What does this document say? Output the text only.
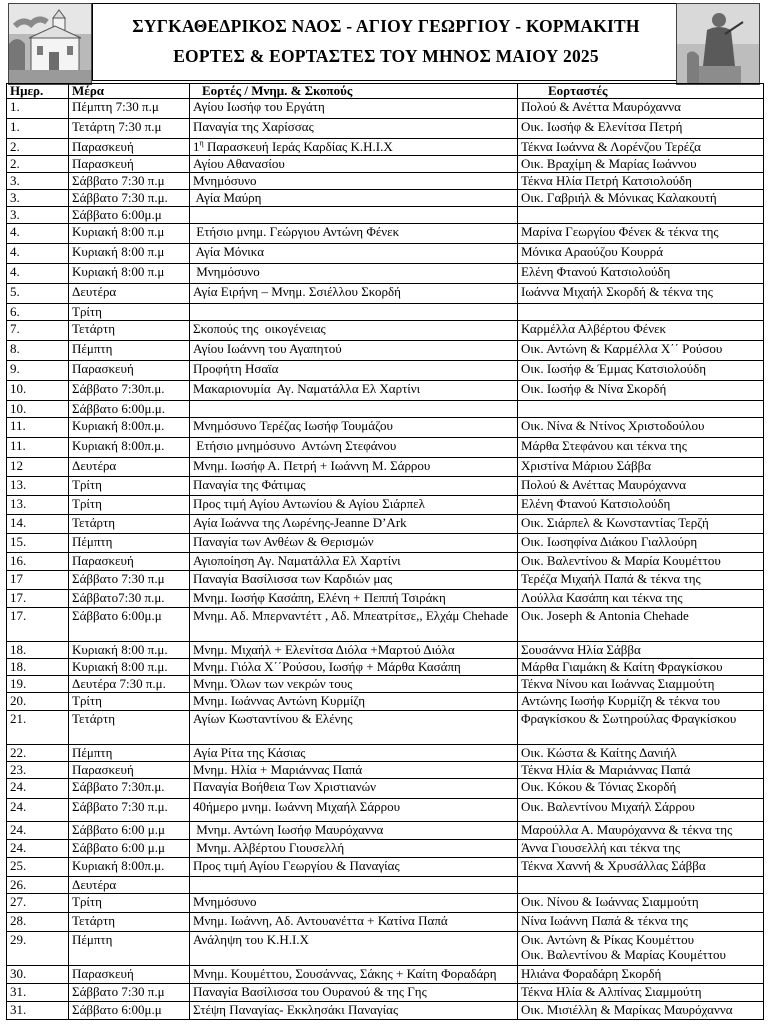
ΣΥΓΚΑΘΕΔΡΙΚΟΣ ΝΑΟΣ - ΑΓΙΟΥ ΓΕΩΡΓΙΟΥ - ΚΟΡΜΑΚΙΤΗ
ΕΟΡΤΕΣ & ΕΟΡΤΑΣΤΕΣ ΤΟΥ ΜΗΝΟΣ ΜΑΙΟΥ 2025
Ημερ.	Μέρα	Εορτές / Μνημ. & Σκοπούς	Εορταστές
1.	Πέμπτη 7:30 π.μ	Αγίου Ιωσήφ του Εργάτη	Πολού & Ανέττα Μαυρόχαννα
1.	Τετάρτη 7:30 π.μ	Παναγία της Χαρίσσας	Οικ. Ιωσήφ & Ελενίτσα Πετρή
2.	Παρασκευή	$1^\eta$ Παρασκευή Ιεράς Καρδίας Κ.Η.Ι.Χ	Τέκνα Ιωάννα & Λορένζου Τερέζα
2.	Παρασκευή	Αγίου Αθανασίου	Οικ. Βραχίμη & Μαρίας Ιωάννου
3.	Σάββατο 7:30 π.μ	Μνημόσυνο	Τέκνα Ηλία Πετρή Κατσιολούδη
3.	Σάββατο 7:30 π.μ.	Αγία Μαύρη	Οικ. Γαβριήλ & Μόνικας Καλακουτή
3.	Σάββατο 6:00μ.μ		
4.	Κυριακή 8:00 π.μ	Ετήσιο μνημ. Γεώργιου Αντώνη Φένεκ	Μαρίνα Γεωργίου Φένεκ & τέκνα της
4.	Κυριακή 8:00 π.μ	Αγία Μόνικα	Μόνικα Αραούζου Κουρρά
4.	Κυριακή 8:00 π.μ	Μνημόσυνο	Ελένη Φτανού Κατσιολούδη
5.	Δευτέρα	Αγία Ειρήνη – Μνημ. Σσιέλλου Σκορδή	Ιωάννα Μιχαήλ Σκορδή & τέκνα της
6.	Τρίτη		
7.	Τετάρτη	Σκοπούς της  οικογένειας	Καρμέλλα Αλβέρτου Φένεκ
8.	Πέμπτη	Αγίου Ιωάννη του Αγαπητού	Οικ. Αντώνη & Καρμέλλα Χ΄΄ Ρούσου
9.	Παρασκευή	Προφήτη Ησαϊα	Οικ. Ιωσήφ & Έμμας Κατσιολούδη
10.	Σάββατο 7:30π.μ.	Μακαριονυμία  Αγ. Ναματάλλα Ελ Χαρτίνι	Οικ. Ιωσήφ & Νίνα Σκορδή
10.	Σάββατο 6:00μ.μ.		
11.	Κυριακή 8:00π.μ.	Μνημόσυνο Τερέζας Ιωσήφ Τουμάζου	Οικ. Νίνα & Ντίνος Χριστοδούλου
11.	Κυριακή 8:00π.μ.	Ετήσιο μνημόσυνο  Αντώνη Στεφάνου	Μάρθα Στεφάνου και τέκνα της
12	Δευτέρα	Μνημ. Ιωσήφ Α. Πετρή + Ιωάννη Μ. Σάρρου	Χριστίνα Μάριου Σάββα
13.	Τρίτη	Παναγία της Φάτιμας	Πολού & Ανέττας Μαυρόχαννα
13.	Τρίτη	Προς τιμή Αγίου Αντωνίου & Αγίου Σιάρπελ	Ελένη Φτανού Κατσιολούδη
14.	Τετάρτη	Αγία Ιωάννα της Λωρένης-Jeanne D’Ark	Οικ. Σιάρπελ & Κωνσταντίας Τερζή
15.	Πέμπτη	Παναγία των Ανθέων & Θερισμών	Οικ. Ιωσηφίνα Διάκου Γιαλλούρη
16.	Παρασκευή	Αγιοποίηση Αγ. Ναματάλλα Ελ Χαρτίνι	Οικ. Βαλεντίνου & Μαρία Κουμέττου
17	Σάββατο 7:30 π.μ	Παναγία Βασίλισσα των Καρδιών μας	Τερέζα Μιχαήλ Παπά & τέκνα της
17.	Σάββατο7:30 π.μ.	Μνημ. Ιωσήφ Κασάπη, Ελένη + Πεππή Τσιράκη	Λούλλα Κασάπη και τέκνα της
17.	Σάββατο 6:00μ.μ	Μνημ. Αδ. Μπερναντέττ , Αδ. Μπεατρίτσε,, Ελχάμ Chehade	Οικ. Joseph & Antonia Chehade
18.	Κυριακή 8:00 π.μ.	Μνημ. Μιχαήλ + Ελενίτσα Διόλα +Μαρτού Διόλα	Σουσάννα Ηλία Σάββα
18.	Κυριακή 8:00 π.μ.	Μνημ. Γιόλα Χ΄΄Ρούσου, Ιωσήφ + Μάρθα Κασάπη	Μάρθα Γιαμάκη & Καίτη Φραγκίσκου
19.	Δευτέρα 7:30 π.μ.	Μνημ. Όλων των νεκρών τους	Τέκνα Νίνου και Ιωάννας Σιαμμούτη
20.	Τρίτη	Μνημ. Ιωάννας Αντώνη Κυρμίζη	Αντώνης Ιωσήφ Κυρμίζη & τέκνα του
21.	Τετάρτη	Αγίων Κωσταντίνου & Ελένης	Φραγκίσκου & Σωτηρούλας Φραγκίσκου
22.	Πέμπτη	Αγία Ρίτα της Κάσιας	Οικ. Κώστα & Καίτης Δανιήλ
23.	Παρασκευή	Μνημ. Ηλία + Μαριάννας Παπά	Τέκνα Ηλία & Μαριάννας Παπά
24.	Σάββατο 7:30π.μ.	Παναγία Βοήθεια Των Χριστιανών	Οικ. Κόκου & Τόνιας Σκορδή
24.	Σάββατο 7:30 π.μ.	40ήμερο μνημ. Ιωάννη Μιχαήλ Σάρρου	Οικ. Βαλεντίνου Μιχαήλ Σάρρου
24.	Σάββατο 6:00 μ.μ	Μνημ. Αντώνη Ιωσήφ Μαυρόχαννα	Μαρούλλα Α. Μαυρόχαννα & τέκνα της
24.	Σάββατο 6:00 μ.μ	Μνημ. Αλβέρτου Γιουσελλή	Άννα Γιουσελλή και τέκνα της
25.	Κυριακή 8:00π.μ.	Προς τιμή Αγίου Γεωργίου & Παναγίας	Τέκνα Χαννή & Χρυσάλλας Σάββα
26.	Δευτέρα		
27.	Τρίτη	Μνημόσυνο	Οικ. Νίνου & Ιωάννας Σιαμμούτη
28.	Τετάρτη	Μνημ. Ιωάννη, Αδ. Αντουανέττα + Κατίνα Παπά	Νίνα Ιωάννη Παπά & τέκνα της
29.	Πέμπτη	Ανάληψη του Κ.Η.Ι.Χ	Οικ. Αντώνη & Ρίκας Κουμέττου
Οικ. Βαλεντίνου & Μαρίας Κουμέττου

30.	Παρασκευή	Μνημ. Κουμέττου, Σουσάννας, Σάκης + Καίτη Φοραδάρη	Ηλιάνα Φοραδάρη Σκορδή
31.	Σάββατο 7:30 π.μ	Παναγία Βασίλισσα του Ουρανού & της Γης	Τέκνα Ηλία & Αλπίνας Σιαμμούτη
31.	Σάββατο 6:00μ.μ	Στέψη Παναγίας- Εκκλησάκι Παναγίας	Οικ. Μισιέλλη & Μαρίκας Μαυρόχαννα
